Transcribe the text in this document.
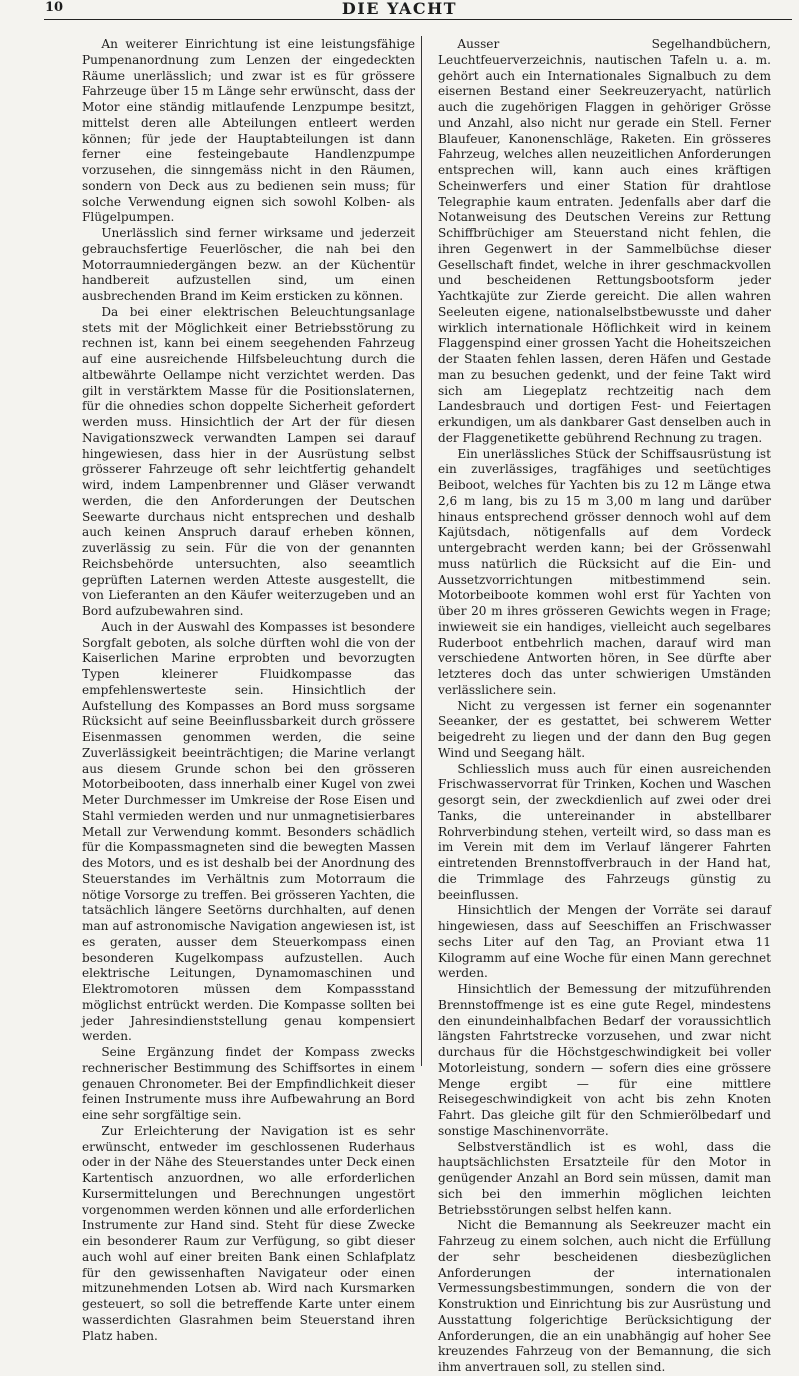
10	DIE YACHT

An weiterer Einrichtung ist eine leistungsfähige Pumpenanordnung zum Lenzen der eingedeckten Räume unerlässlich; und zwar ist es für grössere Fahrzeuge über 15 m Länge sehr erwünscht, dass der Motor eine ständig mitlaufende Lenzpumpe besitzt, mittelst deren alle Abteilungen entleert werden können; für jede der Hauptabteilungen ist dann ferner eine festeingebaute Handlenzpumpe vorzusehen, die sinngemäss nicht in den Räumen, sondern von Deck aus zu bedienen sein muss; für solche Verwendung eignen sich sowohl Kolben- als Flügelpumpen.

Unerlässlich sind ferner wirksame und jederzeit gebrauchsfertige Feuerlöscher, die nah bei den Motorraumniedergängen bezw. an der Küchentür handbereit aufzustellen sind, um einen ausbrechenden Brand im Keim ersticken zu können.

Da bei einer elektrischen Beleuchtungsanlage stets mit der Möglichkeit einer Betriebsstörung zu rechnen ist, kann bei einem seegehenden Fahrzeug auf eine ausreichende Hilfsbeleuchtung durch die altbewährte Oellampe nicht verzichtet werden. Das gilt in verstärktem Masse für die Positionslaternen, für die ohnedies schon doppelte Sicherheit gefordert werden muss. Hinsichtlich der Art der für diesen Navigationszweck verwandten Lampen sei darauf hingewiesen, dass hier in der Ausrüstung selbst grösserer Fahrzeuge oft sehr leichtfertig gehandelt wird, indem Lampenbrenner und Gläser verwandt werden, die den Anforderungen der Deutschen Seewarte durchaus nicht entsprechen und deshalb auch keinen Anspruch darauf erheben können, zuverlässig zu sein. Für die von der genannten Reichsbehörde untersuchten, also seeamtlich geprüften Laternen werden Atteste ausgestellt, die von Lieferanten an den Käufer weiterzugeben und an Bord aufzubewahren sind.

Auch in der Auswahl des Kompasses ist besondere Sorgfalt geboten, als solche dürften wohl die von der Kaiserlichen Marine erprobten und bevorzugten Typen kleinerer Fluidkompasse das empfehlenswerteste sein. Hinsichtlich der Aufstellung des Kompasses an Bord muss sorgsame Rücksicht auf seine Beeinflussbarkeit durch grössere Eisenmassen genommen werden, die seine Zuverlässigkeit beeinträchtigen; die Marine verlangt aus diesem Grunde schon bei den grösseren Motorbeibooten, dass innerhalb einer Kugel von zwei Meter Durchmesser im Umkreise der Rose Eisen und Stahl vermieden werden und nur unmagnetisierbares Metall zur Verwendung kommt. Besonders schädlich für die Kompassmagneten sind die bewegten Massen des Motors, und es ist deshalb bei der Anordnung des Steuerstandes im Verhältnis zum Motorraum die nötige Vorsorge zu treffen. Bei grösseren Yachten, die tatsächlich längere Seetörns durchhalten, auf denen man auf astronomische Navigation angewiesen ist, ist es geraten, ausser dem Steuerkompass einen besonderen Kugelkompass aufzustellen. Auch elektrische Leitungen, Dynamomaschinen und Elektromotoren müssen dem Kompassstand möglichst entrückt werden. Die Kompasse sollten bei jeder Jahresindienststellung genau kompensiert werden.

Seine Ergänzung findet der Kompass zwecks rechnerischer Bestimmung des Schiffsortes in einem genauen Chronometer. Bei der Empfindlichkeit dieser feinen Instrumente muss ihre Aufbewahrung an Bord eine sehr sorgfältige sein.

Zur Erleichterung der Navigation ist es sehr erwünscht, entweder im geschlossenen Ruderhaus oder in der Nähe des Steuerstandes unter Deck einen Kartentisch anzuordnen, wo alle erforderlichen Kursermittelungen und Berechnungen ungestört vorgenommen werden können und alle erforderlichen Instrumente zur Hand sind. Steht für diese Zwecke ein besonderer Raum zur Verfügung, so gibt dieser auch wohl auf einer breiten Bank einen Schlafplatz für den gewissenhaften Navigateur oder einen mitzunehmenden Lotsen ab. Wird nach Kursmarken gesteuert, so soll die betreffende Karte unter einem wasserdichten Glasrahmen beim Steuerstand ihren Platz haben.

Ausser Segelhandbüchern, Leuchtfeuerverzeichnis, nautischen Tafeln u. a. m. gehört auch ein Internationales Signalbuch zu dem eisernen Bestand einer Seekreuzeryacht, natürlich auch die zugehörigen Flaggen in gehöriger Grösse und Anzahl, also nicht nur gerade ein Stell. Ferner Blaufeuer, Kanonenschläge, Raketen. Ein grösseres Fahrzeug, welches allen neuzeitlichen Anforderungen entsprechen will, kann auch eines kräftigen Scheinwerfers und einer Station für drahtlose Telegraphie kaum entraten. Jedenfalls aber darf die Notanweisung des Deutschen Vereins zur Rettung Schiffbrüchiger am Steuerstand nicht fehlen, die ihren Gegenwert in der Sammelbüchse dieser Gesellschaft findet, welche in ihrer geschmackvollen und bescheidenen Rettungsbootsform jeder Yachtkajüte zur Zierde gereicht. Die allen wahren Seeleuten eigene, nationalselbstbewusste und daher wirklich internationale Höflichkeit wird in keinem Flaggenspind einer grossen Yacht die Hoheitszeichen der Staaten fehlen lassen, deren Häfen und Gestade man zu besuchen gedenkt, und der feine Takt wird sich am Liegeplatz rechtzeitig nach dem Landesbrauch und dortigen Fest- und Feiertagen erkundigen, um als dankbarer Gast denselben auch in der Flaggenetikette gebührend Rechnung zu tragen.

Ein unerlässliches Stück der Schiffsausrüstung ist ein zuverlässiges, tragfähiges und seetüchtiges Beiboot, welches für Yachten bis zu 12 m Länge etwa 2,6 m lang, bis zu 15 m 3,00 m lang und darüber hinaus entsprechend grösser dennoch wohl auf dem Kajütsdach, nötigenfalls auf dem Vordeck untergebracht werden kann; bei der Grössenwahl muss natürlich die Rücksicht auf die Ein- und Aussetzvorrichtungen mitbestimmend sein. Motorbeiboote kommen wohl erst für Yachten von über 20 m ihres grösseren Gewichts wegen in Frage; inwieweit sie ein handiges, vielleicht auch segelbares Ruderboot entbehrlich machen, darauf wird man verschiedene Antworten hören, in See dürfte aber letzteres doch das unter schwierigen Umständen verlässlichere sein.

Nicht zu vergessen ist ferner ein sogenannter Seeanker, der es gestattet, bei schwerem Wetter beigedreht zu liegen und der dann den Bug gegen Wind und Seegang hält.

Schliesslich muss auch für einen ausreichenden Frischwasservorrat für Trinken, Kochen und Waschen gesorgt sein, der zweckdienlich auf zwei oder drei Tanks, die untereinander in abstellbarer Rohrverbindung stehen, verteilt wird, so dass man es im Verein mit dem im Verlauf längerer Fahrten eintretenden Brennstoffverbrauch in der Hand hat, die Trimmlage des Fahrzeugs günstig zu beeinflussen.

Hinsichtlich der Mengen der Vorräte sei darauf hingewiesen, dass auf Seeschiffen an Frischwasser sechs Liter auf den Tag, an Proviant etwa 11 Kilogramm auf eine Woche für einen Mann gerechnet werden.

Hinsichtlich der Bemessung der mitzuführenden Brennstoffmenge ist es eine gute Regel, mindestens den einundeinhalbfachen Bedarf der voraussichtlich längsten Fahrtstrecke vorzusehen, und zwar nicht durchaus für die Höchstgeschwindigkeit bei voller Motorleistung, sondern — sofern dies eine grössere Menge ergibt — für eine mittlere Reisegeschwindigkeit von acht bis zehn Knoten Fahrt. Das gleiche gilt für den Schmierölbedarf und sonstige Maschinenvorräte.

Selbstverständlich ist es wohl, dass die hauptsächlichsten Ersatzteile für den Motor in genügender Anzahl an Bord sein müssen, damit man sich bei den immerhin möglichen leichten Betriebsstörungen selbst helfen kann.

Nicht die Bemannung als Seekreuzer macht ein Fahrzeug zu einem solchen, auch nicht die Erfüllung der sehr bescheidenen diesbezüglichen Anforderungen der internationalen Vermessungsbestimmungen, sondern die von der Konstruktion und Einrichtung bis zur Ausrüstung und Ausstattung folgerichtige Berücksichtigung der Anforderungen, die an ein unabhängig auf hoher See kreuzendes Fahrzeug von der Bemannung, die sich ihm anvertrauen soll, zu stellen sind.
